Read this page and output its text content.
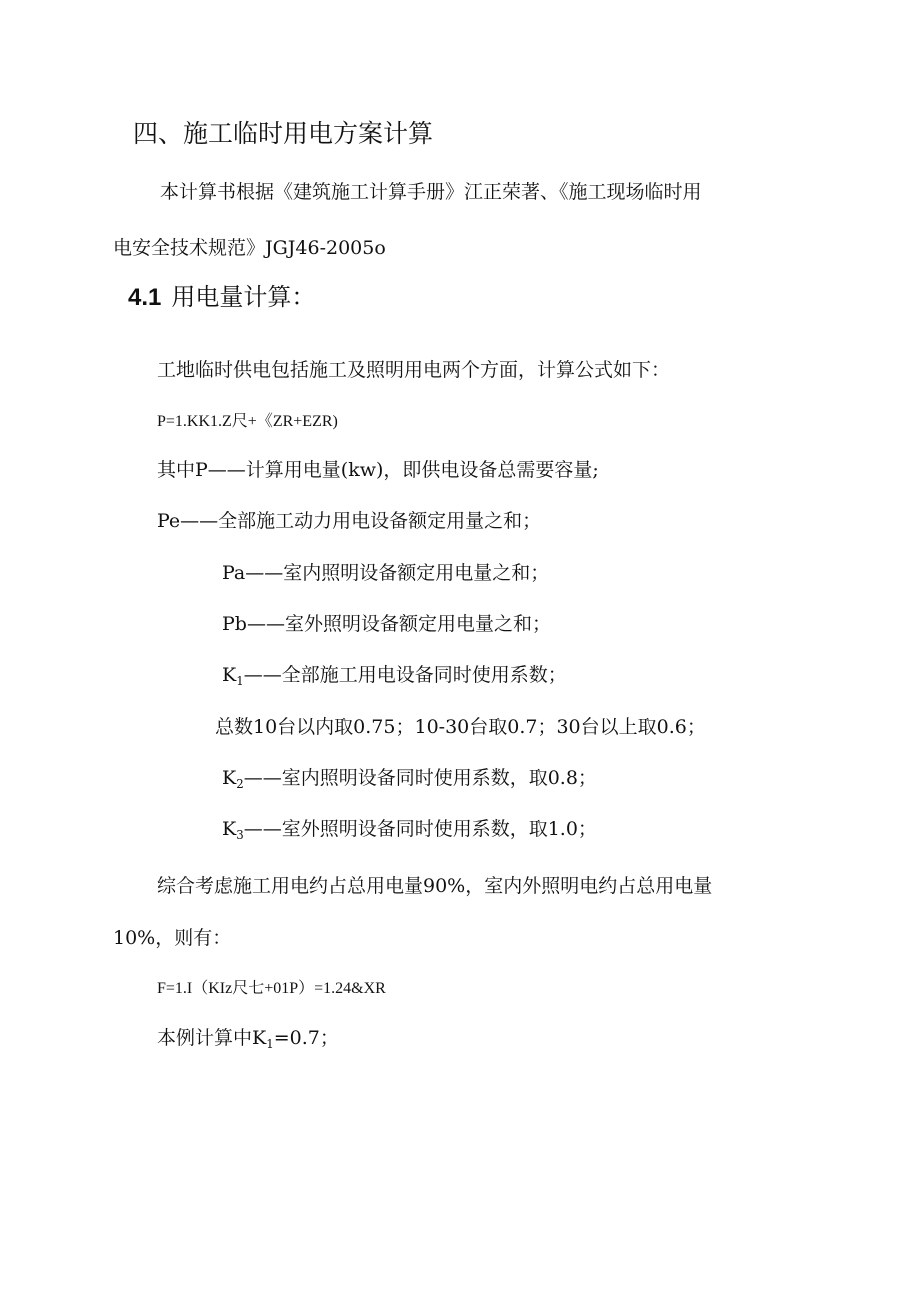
四、施工临时用电方案计算
本计算书根据《建筑施工计算手册》江正荣著、《施工现场临时用
电安全技术规范》JGJ46-2005o
4.1 用电量计算：
工地临时供电包括施工及照明用电两个方面，计算公式如下：
P=1.KK1.Z尺+《ZR+EZR)
其中P——计算用电量(kw)，即供电设备总需要容量;
Pe——全部施工动力用电设备额定用量之和；
Pa——室内照明设备额定用电量之和；
Pb——室外照明设备额定用电量之和；
$K_1——$全部施工用电设备同时使用系数；
总数10台以内取0.75；10-30台取0.7；30台以上取0.6；
$K_2——$室内照明设备同时使用系数，取0.8；
$K_3——$室外照明设备同时使用系数，取1.0；
综合考虑施工用电约占总用电量90%，室内外照明电约占总用电量
10%，则有：
F=1.I（KIz尺七+01P）=1.24&XR
本例计算中$K_1=0.7$；
